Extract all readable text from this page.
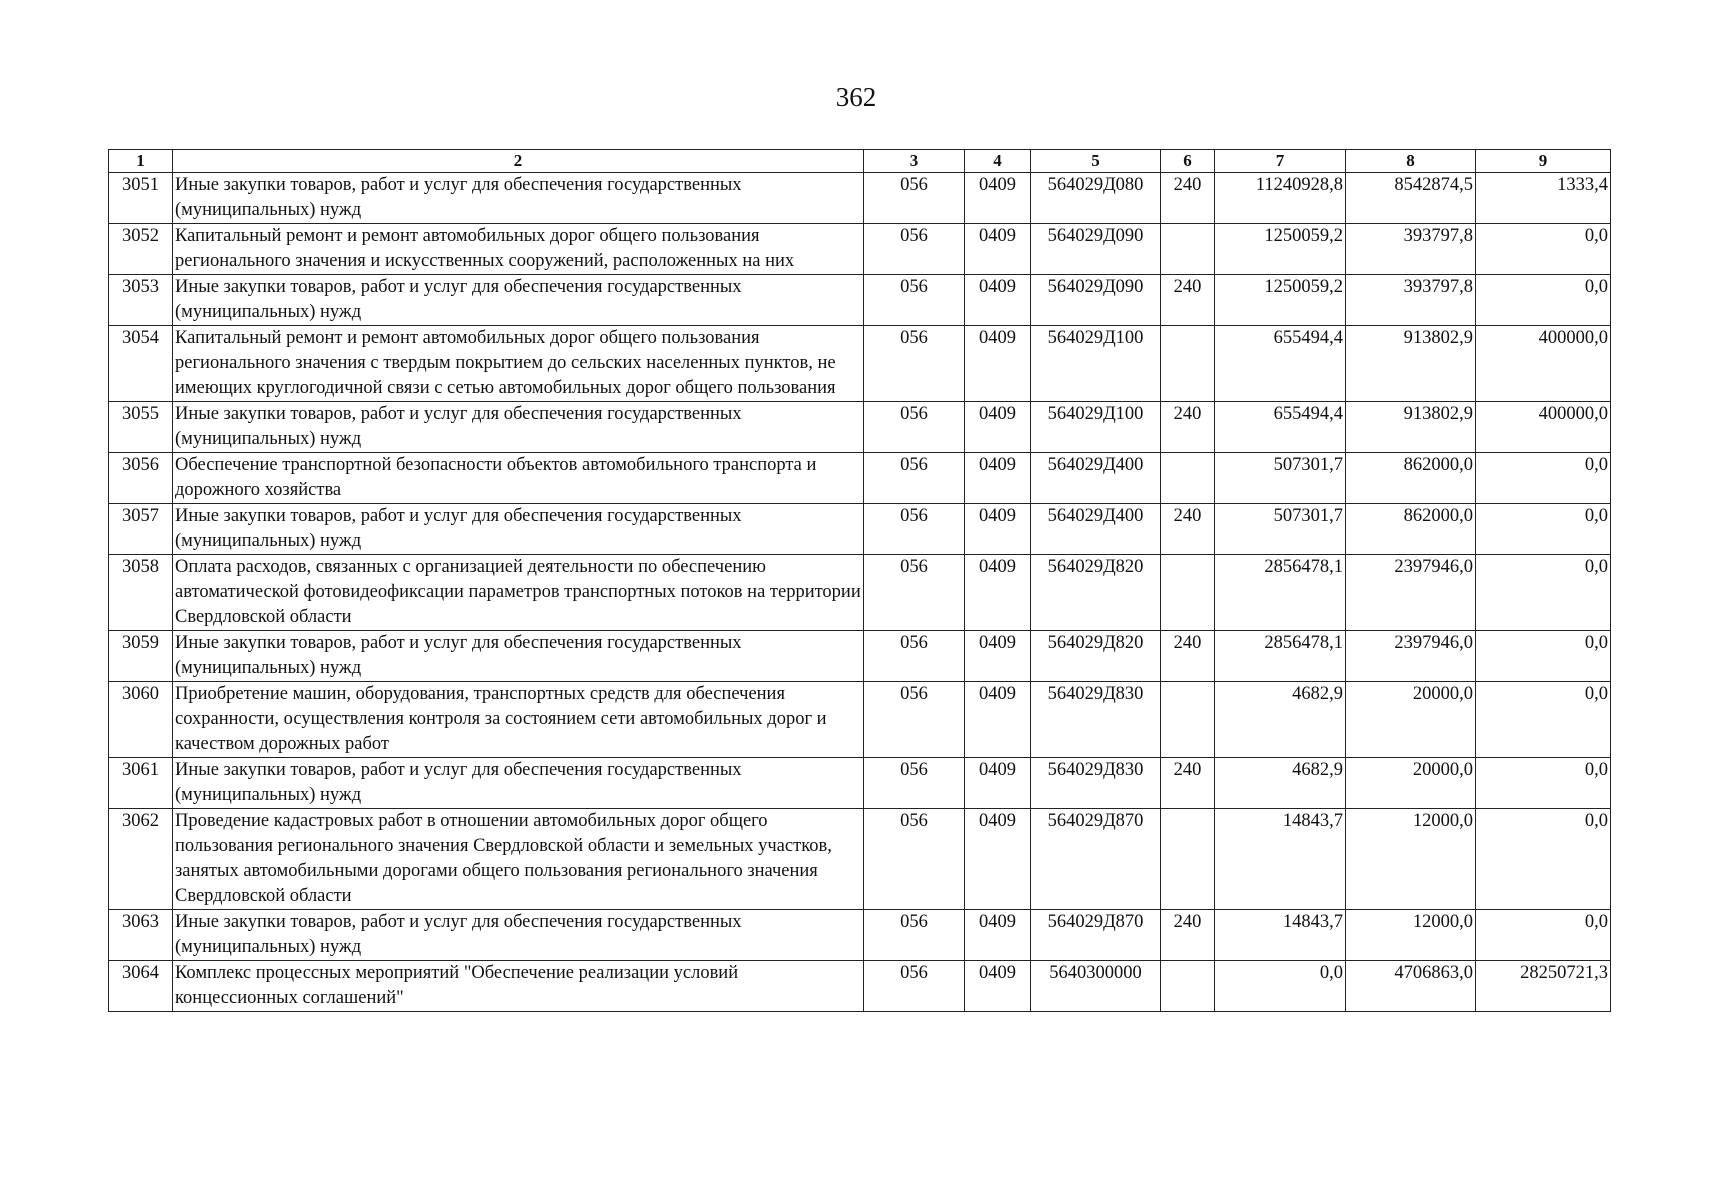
362
1	2	3	4	5	6	7	8	9
3051	Иные закупки товаров, работ и услуг для обеспечения государственных (муниципальных) нужд	056	0409	564029Д080	240	11240928,8	8542874,5	1333,4
3052	Капитальный ремонт и ремонт автомобильных дорог общего пользования регионального значения и искусственных сооружений, расположенных на них	056	0409	564029Д090		1250059,2	393797,8	0,0
3053	Иные закупки товаров, работ и услуг для обеспечения государственных (муниципальных) нужд	056	0409	564029Д090	240	1250059,2	393797,8	0,0
3054	Капитальный ремонт и ремонт автомобильных дорог общего пользования регионального значения с твердым покрытием до сельских населенных пунктов, не имеющих круглогодичной связи с сетью автомобильных дорог общего пользования	056	0409	564029Д100		655494,4	913802,9	400000,0
3055	Иные закупки товаров, работ и услуг для обеспечения государственных (муниципальных) нужд	056	0409	564029Д100	240	655494,4	913802,9	400000,0
3056	Обеспечение транспортной безопасности объектов автомобильного транспорта и дорожного хозяйства	056	0409	564029Д400		507301,7	862000,0	0,0
3057	Иные закупки товаров, работ и услуг для обеспечения государственных (муниципальных) нужд	056	0409	564029Д400	240	507301,7	862000,0	0,0
3058	Оплата расходов, связанных с организацией деятельности по обеспечению автоматической фотовидеофиксации параметров транспортных потоков на территории Свердловской области	056	0409	564029Д820		2856478,1	2397946,0	0,0
3059	Иные закупки товаров, работ и услуг для обеспечения государственных (муниципальных) нужд	056	0409	564029Д820	240	2856478,1	2397946,0	0,0
3060	Приобретение машин, оборудования, транспортных средств для обеспечения сохранности, осуществления контроля за состоянием сети автомобильных дорог и качеством дорожных работ	056	0409	564029Д830		4682,9	20000,0	0,0
3061	Иные закупки товаров, работ и услуг для обеспечения государственных (муниципальных) нужд	056	0409	564029Д830	240	4682,9	20000,0	0,0
3062	Проведение кадастровых работ в отношении автомобильных дорог общего пользования регионального значения Свердловской области и земельных участков, занятых автомобильными дорогами общего пользования регионального значения Свердловской области	056	0409	564029Д870		14843,7	12000,0	0,0
3063	Иные закупки товаров, работ и услуг для обеспечения государственных (муниципальных) нужд	056	0409	564029Д870	240	14843,7	12000,0	0,0
3064	Комплекс процессных мероприятий "Обеспечение реализации условий концессионных соглашений"	056	0409	5640300000		0,0	4706863,0	28250721,3
